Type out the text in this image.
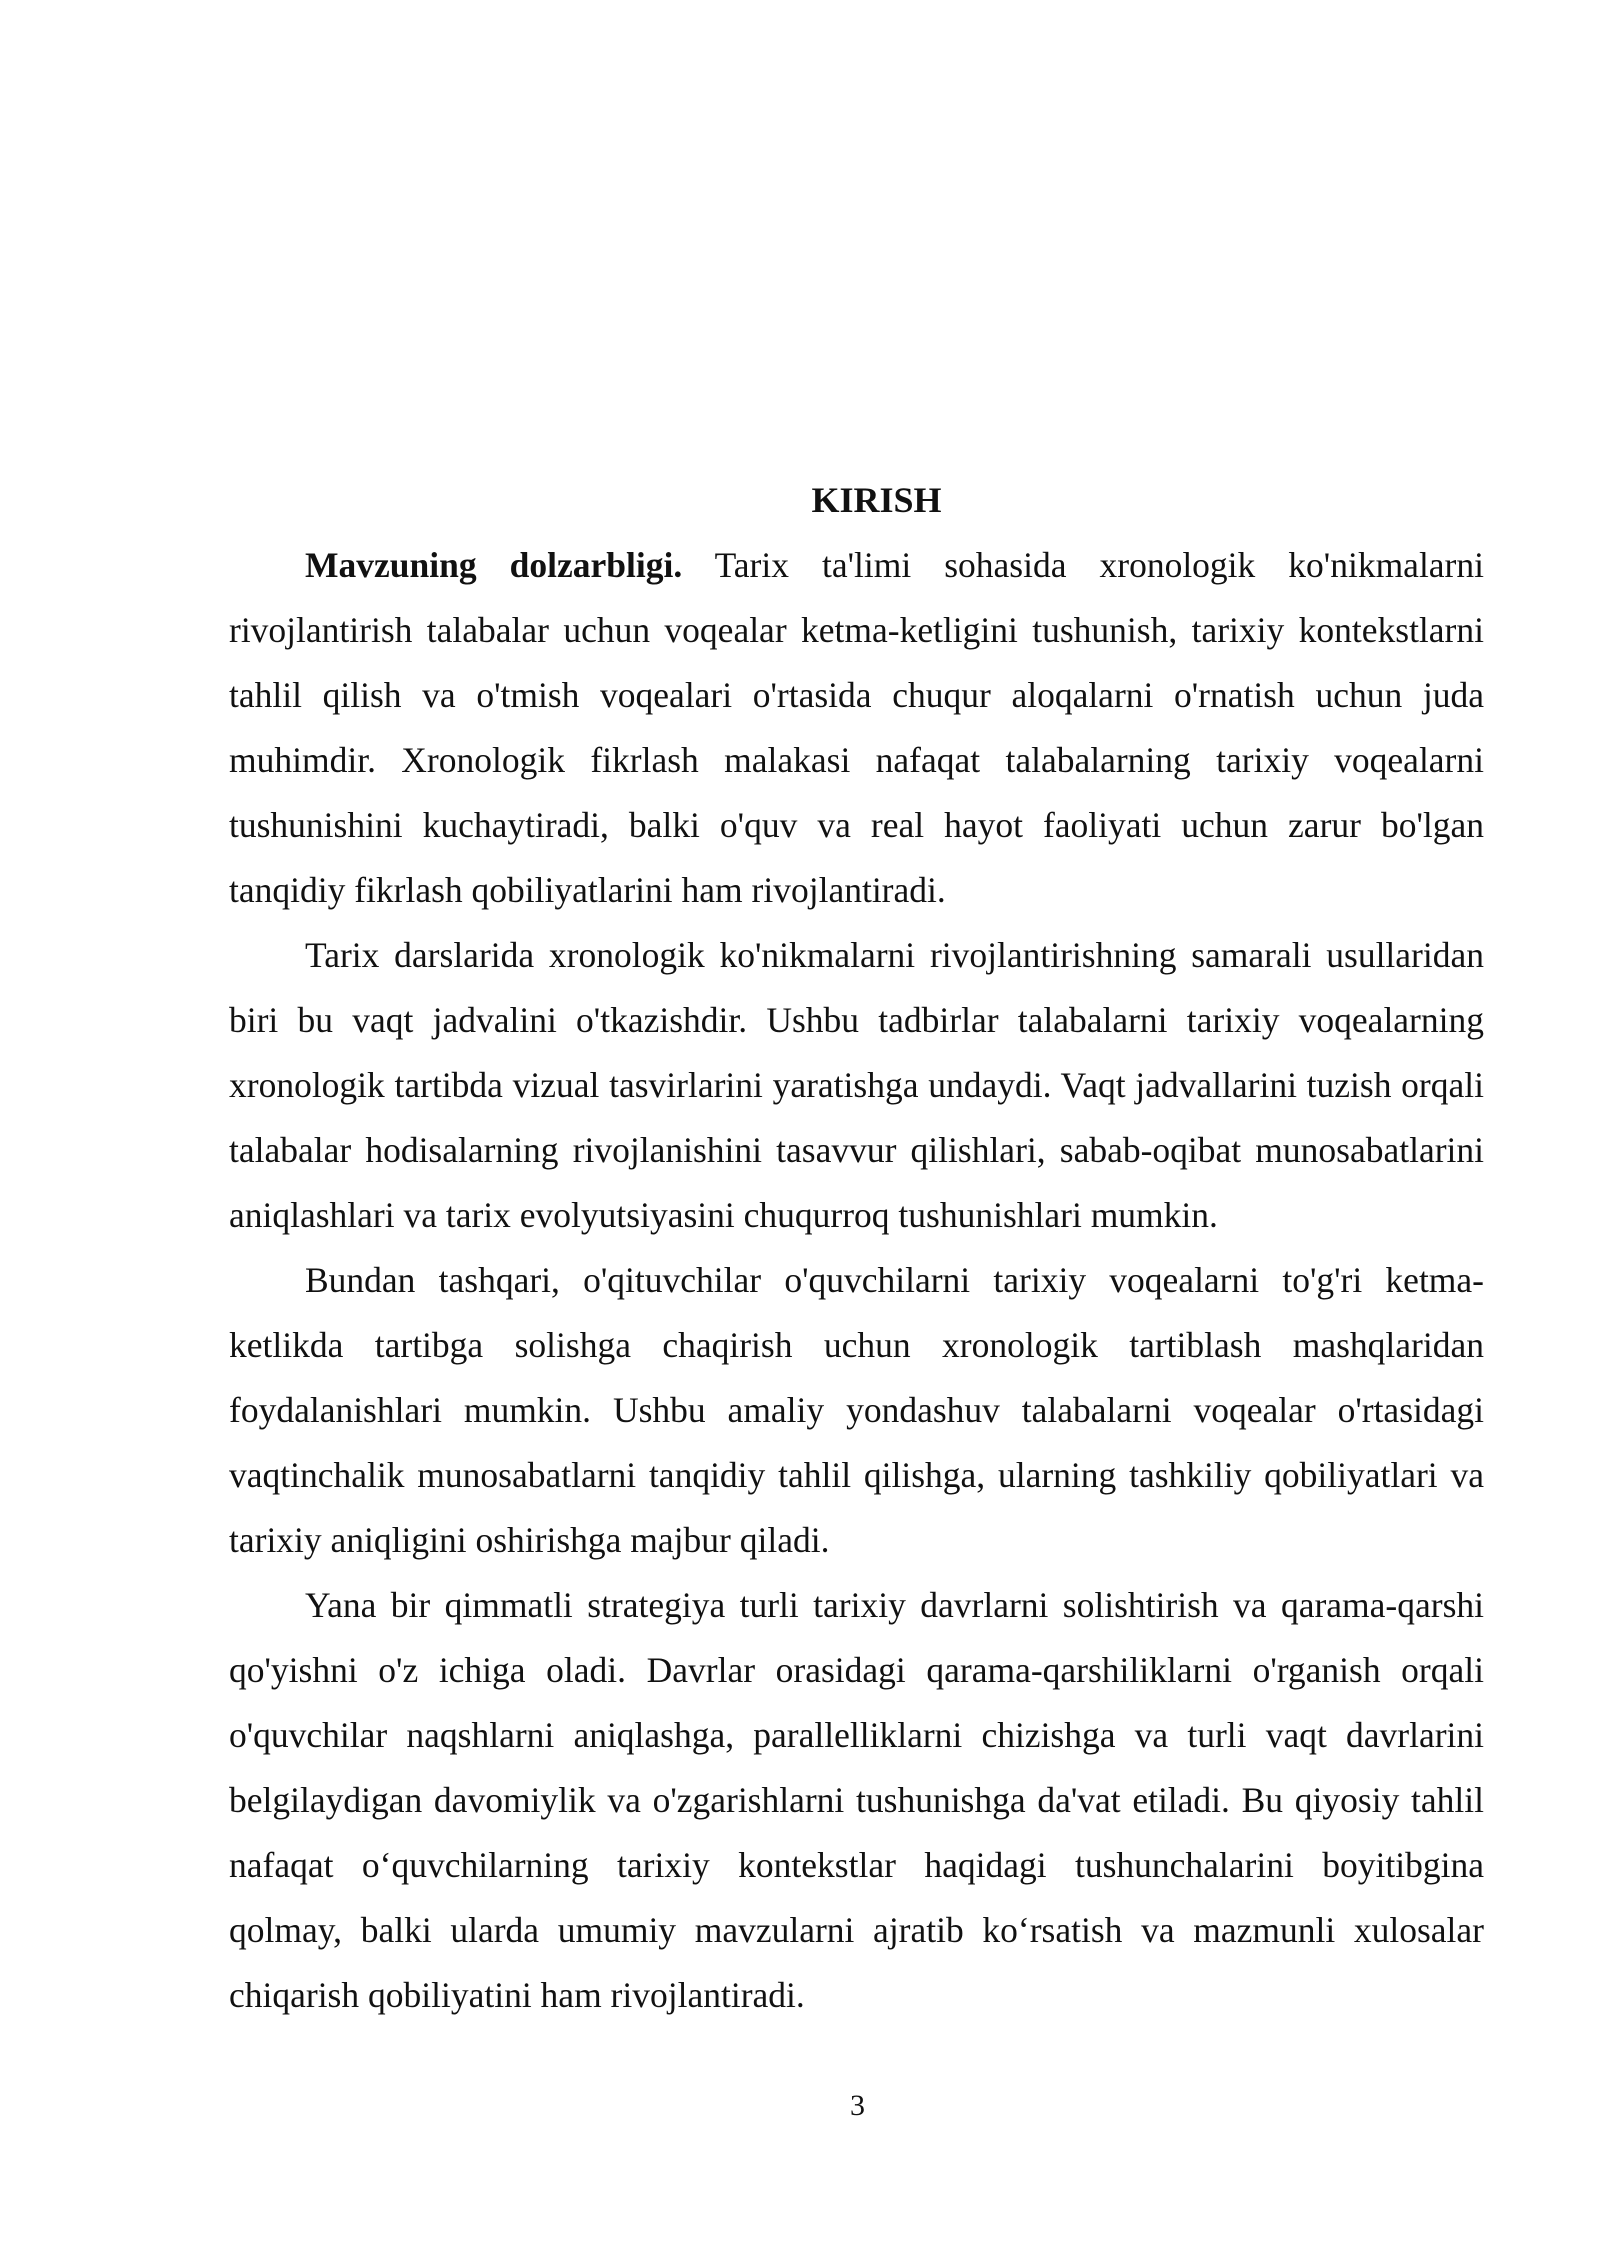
KIRISH

Mavzuning dolzarbligi. Tarix ta'limi sohasida xronologik ko'nikmalarni rivojlantirish talabalar uchun voqealar ketma-ketligini tushunish, tarixiy kontekstlarni tahlil qilish va o'tmish voqealari o'rtasida chuqur aloqalarni o'rnatish uchun juda muhimdir. Xronologik fikrlash malakasi nafaqat talabalarning tarixiy voqealarni tushunishini kuchaytiradi, balki o'quv va real hayot faoliyati uchun zarur bo'lgan tanqidiy fikrlash qobiliyatlarini ham rivojlantiradi.

Tarix darslarida xronologik ko'nikmalarni rivojlantirishning samarali usullaridan biri bu vaqt jadvalini o'tkazishdir. Ushbu tadbirlar talabalarni tarixiy voqealarning xronologik tartibda vizual tasvirlarini yaratishga undaydi. Vaqt jadvallarini tuzish orqali talabalar hodisalarning rivojlanishini tasavvur qilishlari, sabab-oqibat munosabatlarini aniqlashlari va tarix evolyutsiyasini chuqurroq tushunishlari mumkin.

Bundan tashqari, o'qituvchilar o'quvchilarni tarixiy voqealarni to'g'ri ketma-ketlikda tartibga solishga chaqirish uchun xronologik tartiblash mashqlaridan foydalanishlari mumkin. Ushbu amaliy yondashuv talabalarni voqealar o'rtasidagi vaqtinchalik munosabatlarni tanqidiy tahlil qilishga, ularning tashkiliy qobiliyatlari va tarixiy aniqligini oshirishga majbur qiladi.

Yana bir qimmatli strategiya turli tarixiy davrlarni solishtirish va qarama-qarshi qo'yishni o'z ichiga oladi. Davrlar orasidagi qarama-qarshiliklarni o'rganish orqali o'quvchilar naqshlarni aniqlashga, parallelliklarni chizishga va turli vaqt davrlarini belgilaydigan davomiylik va o'zgarishlarni tushunishga da'vat etiladi. Bu qiyosiy tahlil nafaqat o‘quvchilarning tarixiy kontekstlar haqidagi tushunchalarini boyitibgina qolmay, balki ularda umumiy mavzularni ajratib ko‘rsatish va mazmunli xulosalar chiqarish qobiliyatini ham rivojlantiradi.

3
